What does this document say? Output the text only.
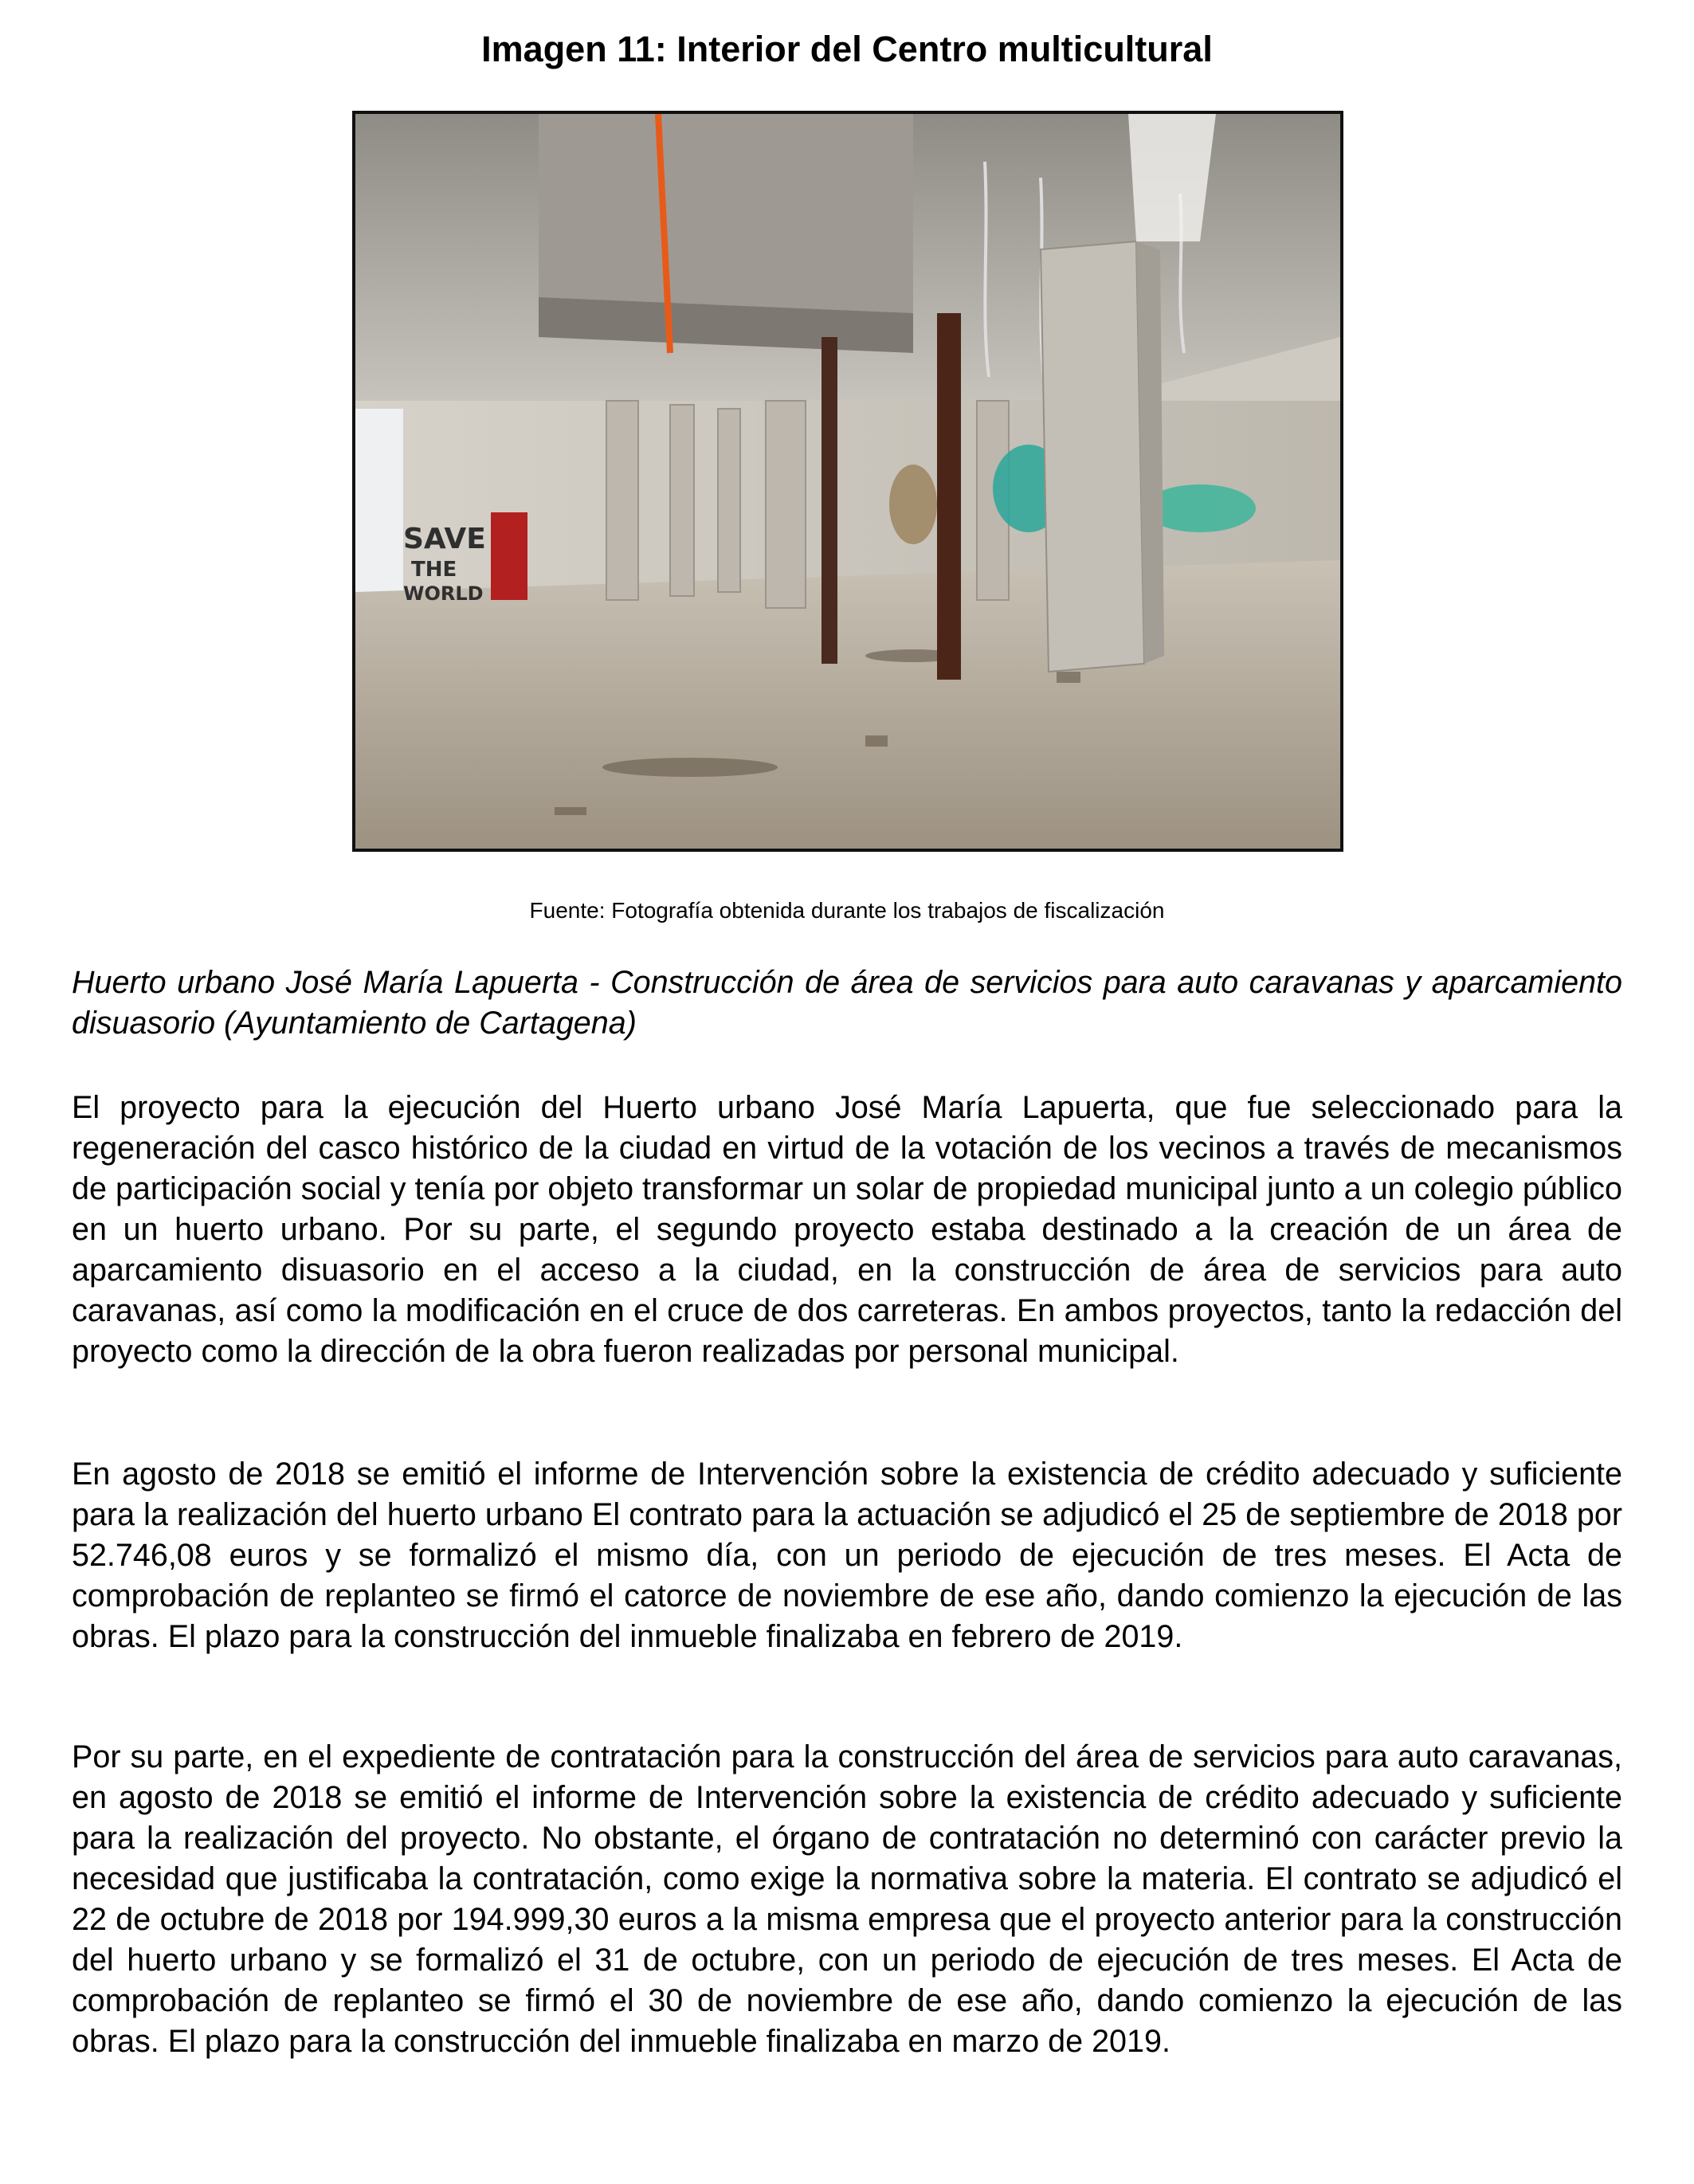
Imagen 11: Interior del Centro multicultural
SAVE
THE
WORLD
Fuente: Fotografía obtenida durante los trabajos de fiscalización
Huerto urbano José María Lapuerta - Construcción de área de servicios para auto caravanas y aparcamiento disuasorio (Ayuntamiento de Cartagena)
El proyecto para la ejecución del Huerto urbano José María Lapuerta, que fue seleccionado para la regeneración del casco histórico de la ciudad en virtud de la votación de los vecinos a través de mecanismos de participación social y tenía por objeto transformar un solar de propiedad municipal junto a un colegio público en un huerto urbano. Por su parte, el segundo proyecto estaba destinado a la creación de un área de aparcamiento disuasorio en el acceso a la ciudad, en la construcción de área de servicios para auto caravanas, así como la modificación en el cruce de dos carreteras. En ambos proyectos, tanto la redacción del proyecto como la dirección de la obra fueron realizadas por personal municipal.
En agosto de 2018 se emitió el informe de Intervención sobre la existencia de crédito adecuado y suficiente para la realización del huerto urbano El contrato para la actuación se adjudicó el 25 de septiembre de 2018 por 52.746,08 euros y se formalizó el mismo día, con un periodo de ejecución de tres meses. El Acta de comprobación de replanteo se firmó el catorce de noviembre de ese año, dando comienzo la ejecución de las obras. El plazo para la construcción del inmueble finalizaba en febrero de 2019.
Por su parte, en el expediente de contratación para la construcción del área de servicios para auto caravanas, en agosto de 2018 se emitió el informe de Intervención sobre la existencia de crédito adecuado y suficiente para la realización del proyecto. No obstante, el órgano de contratación no determinó con carácter previo la necesidad que justificaba la contratación, como exige la normativa sobre la materia. El contrato se adjudicó el 22 de octubre de 2018 por 194.999,30 euros a la misma empresa que el proyecto anterior para la construcción del huerto urbano y se formalizó el 31 de octubre, con un periodo de ejecución de tres meses. El Acta de comprobación de replanteo se firmó el 30 de noviembre de ese año, dando comienzo la ejecución de las obras. El plazo para la construcción del inmueble finalizaba en marzo de 2019.
